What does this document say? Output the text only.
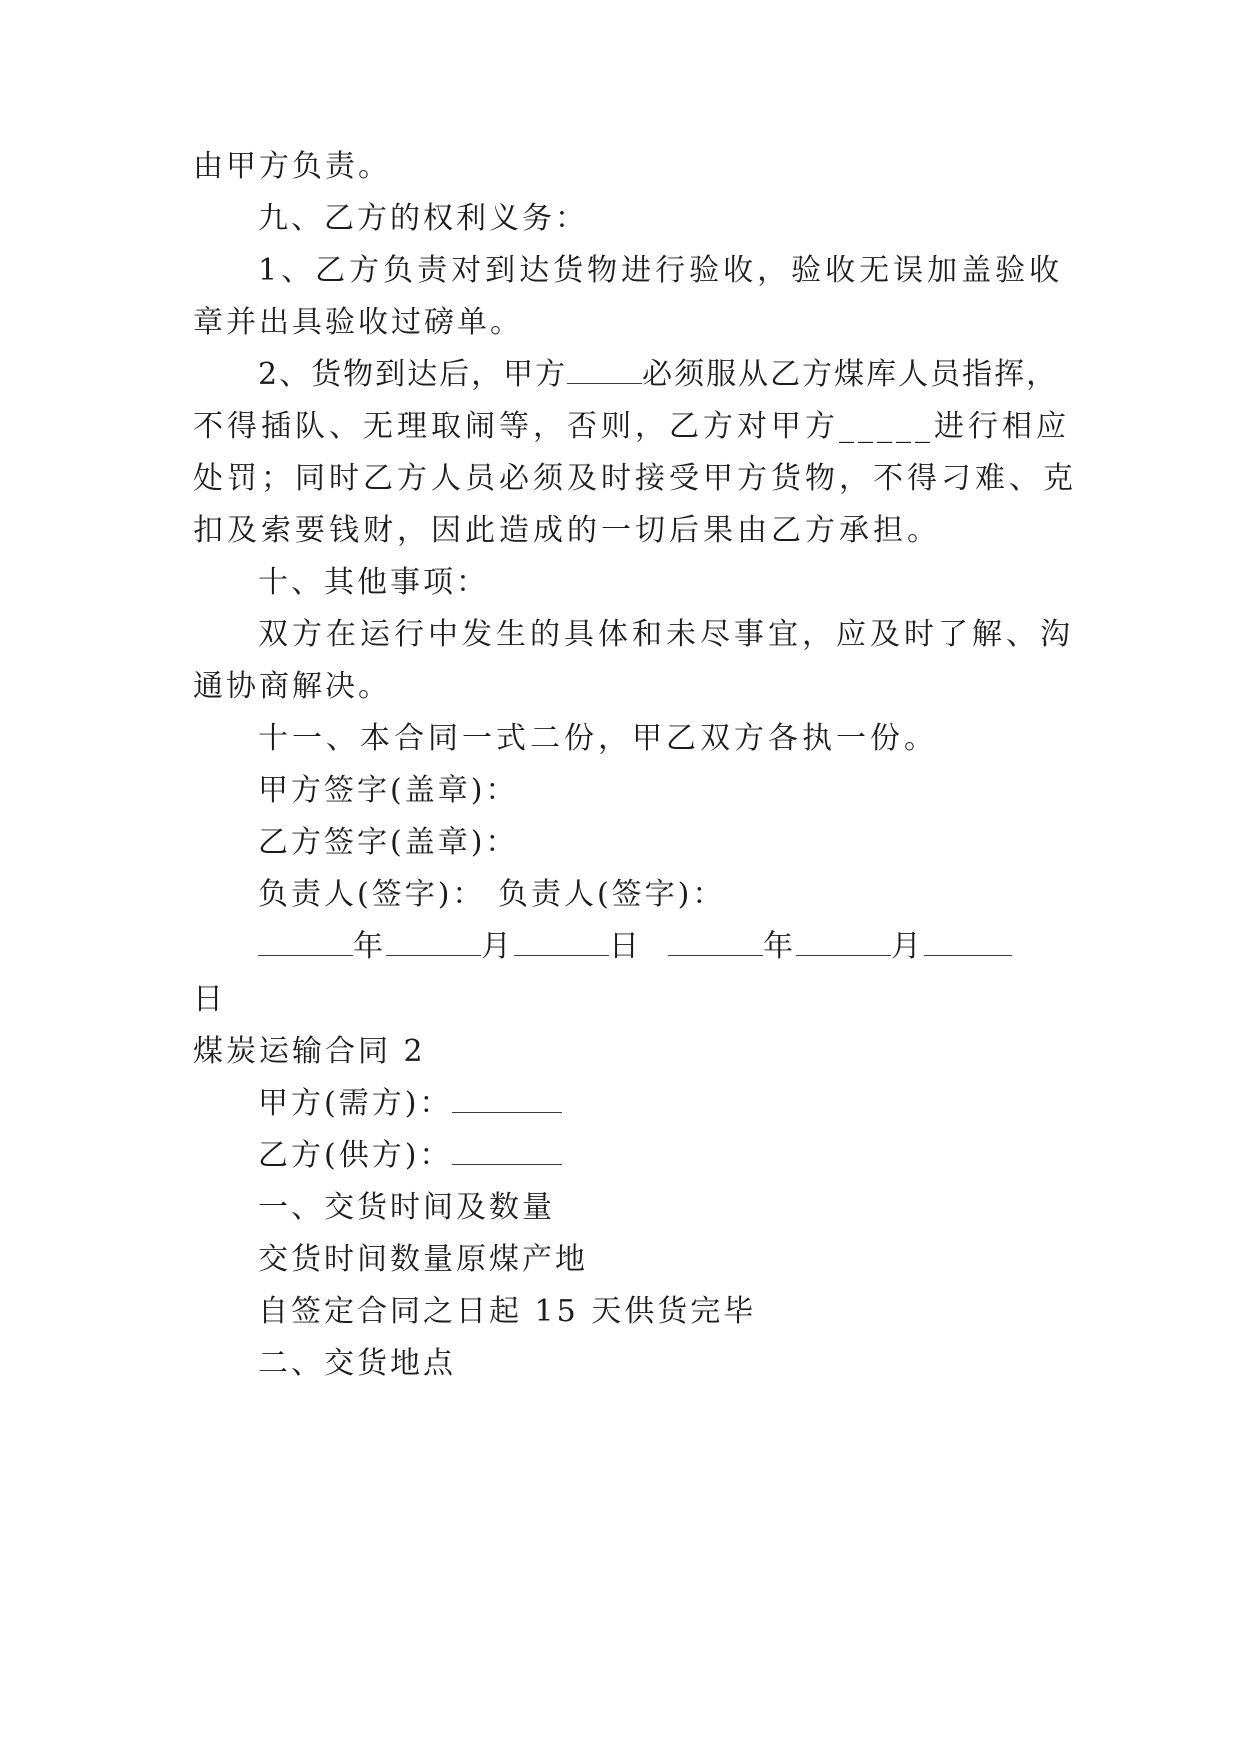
由甲方负责。
九、乙方的权利义务：
1、乙方负责对到达货物进行验收，验收无误加盖验收
章并出具验收过磅单。
2、货物到达后，甲方	必须服从乙方煤库人员指挥，
不得插队、无理取闹等，否则，乙方对甲方_____进行相应
处罚；同时乙方人员必须及时接受甲方货物，不得刁难、克
扣及索要钱财，因此造成的一切后果由乙方承担。
十、其他事项：
双方在运行中发生的具体和未尽事宜，应及时了解、沟
通协商解决。
十一、本合同一式二份，甲乙双方各执一份。
甲方签字(盖章)：
乙方签字(盖章)：
负责人(签字)： 负责人(签字)：
年	月	日	年	月
日
煤炭运输合同 2
甲方(需方)：
乙方(供方)：
一、交货时间及数量
交货时间数量原煤产地
自签定合同之日起 15 天供货完毕
二、交货地点
